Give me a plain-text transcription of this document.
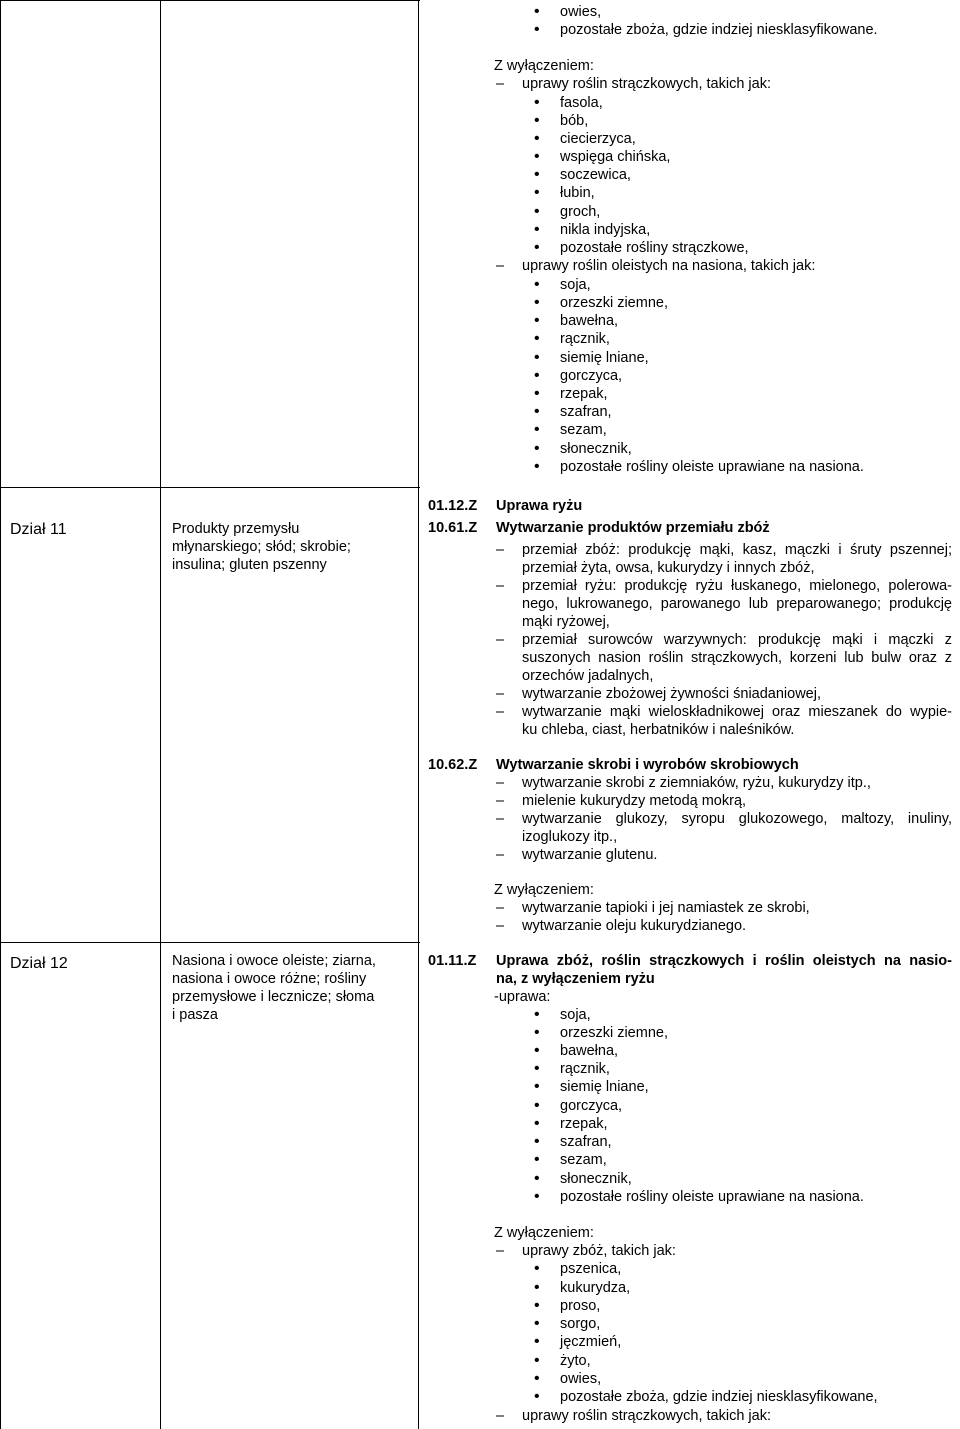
• owies,
• pozostałe zboża, gdzie indziej niesklasyfikowane.
Z wyłączeniem:
– uprawy roślin strączkowych, takich jak:
• fasola,
• bób,
• ciecierzyca,
• wspięga chińska,
• soczewica,
• łubin,
• groch,
• nikla indyjska,
• pozostałe rośliny strączkowe,
– uprawy roślin oleistych na nasiona, takich jak:
• soja,
• orzeszki ziemne,
• bawełna,
• rącznik,
• siemię lniane,
• gorczyca,
• rzepak,
• szafran,
• sezam,
• słonecznik,
• pozostałe rośliny oleiste uprawiane na nasiona.
Dział 11	Produkty przemysłu
młynarskiego; słód; skrobie;
insulina; gluten pszenny
01.12.Z Uprawa ryżu
10.61.Z Wytwarzanie produktów przemiału zbóż
– przemiał zbóż: produkcję mąki, kasz, mączki i śruty pszennej;
przemiał żyta, owsa, kukurydzy i innych zbóż,
– przemiał ryżu: produkcję ryżu łuskanego, mielonego, polerowa-
nego, lukrowanego, parowanego lub preparowanego; produkcję
mąki ryżowej,
– przemiał surowców warzywnych: produkcję mąki i mączki z
suszonych nasion roślin strączkowych, korzeni lub bulw oraz z
orzechów jadalnych,
– wytwarzanie zbożowej żywności śniadaniowej,
– wytwarzanie mąki wieloskładnikowej oraz mieszanek do wypie-
ku chleba, ciast, herbatników i naleśników.
10.62.Z Wytwarzanie skrobi i wyrobów skrobiowych
– wytwarzanie skrobi z ziemniaków, ryżu, kukurydzy itp.,
– mielenie kukurydzy metodą mokrą,
– wytwarzanie glukozy, syropu glukozowego, maltozy, inuliny,
izoglukozy itp.,
– wytwarzanie glutenu.
Z wyłączeniem:
– wytwarzanie tapioki i jej namiastek ze skrobi,
– wytwarzanie oleju kukurydzianego.
Dział 12	Nasiona i owoce oleiste; ziarna,
nasiona i owoce różne; rośliny
przemysłowe i lecznicze; słoma
i pasza
01.11.Z Uprawa zbóż, roślin strączkowych i roślin oleistych na nasio-
na, z wyłączeniem ryżu
-uprawa:
• soja,
• orzeszki ziemne,
• bawełna,
• rącznik,
• siemię lniane,
• gorczyca,
• rzepak,
• szafran,
• sezam,
• słonecznik,
• pozostałe rośliny oleiste uprawiane na nasiona.
Z wyłączeniem:
– uprawy zbóż, takich jak:
• pszenica,
• kukurydza,
• proso,
• sorgo,
• jęczmień,
• żyto,
• owies,
• pozostałe zboża, gdzie indziej niesklasyfikowane,
– uprawy roślin strączkowych, takich jak:
